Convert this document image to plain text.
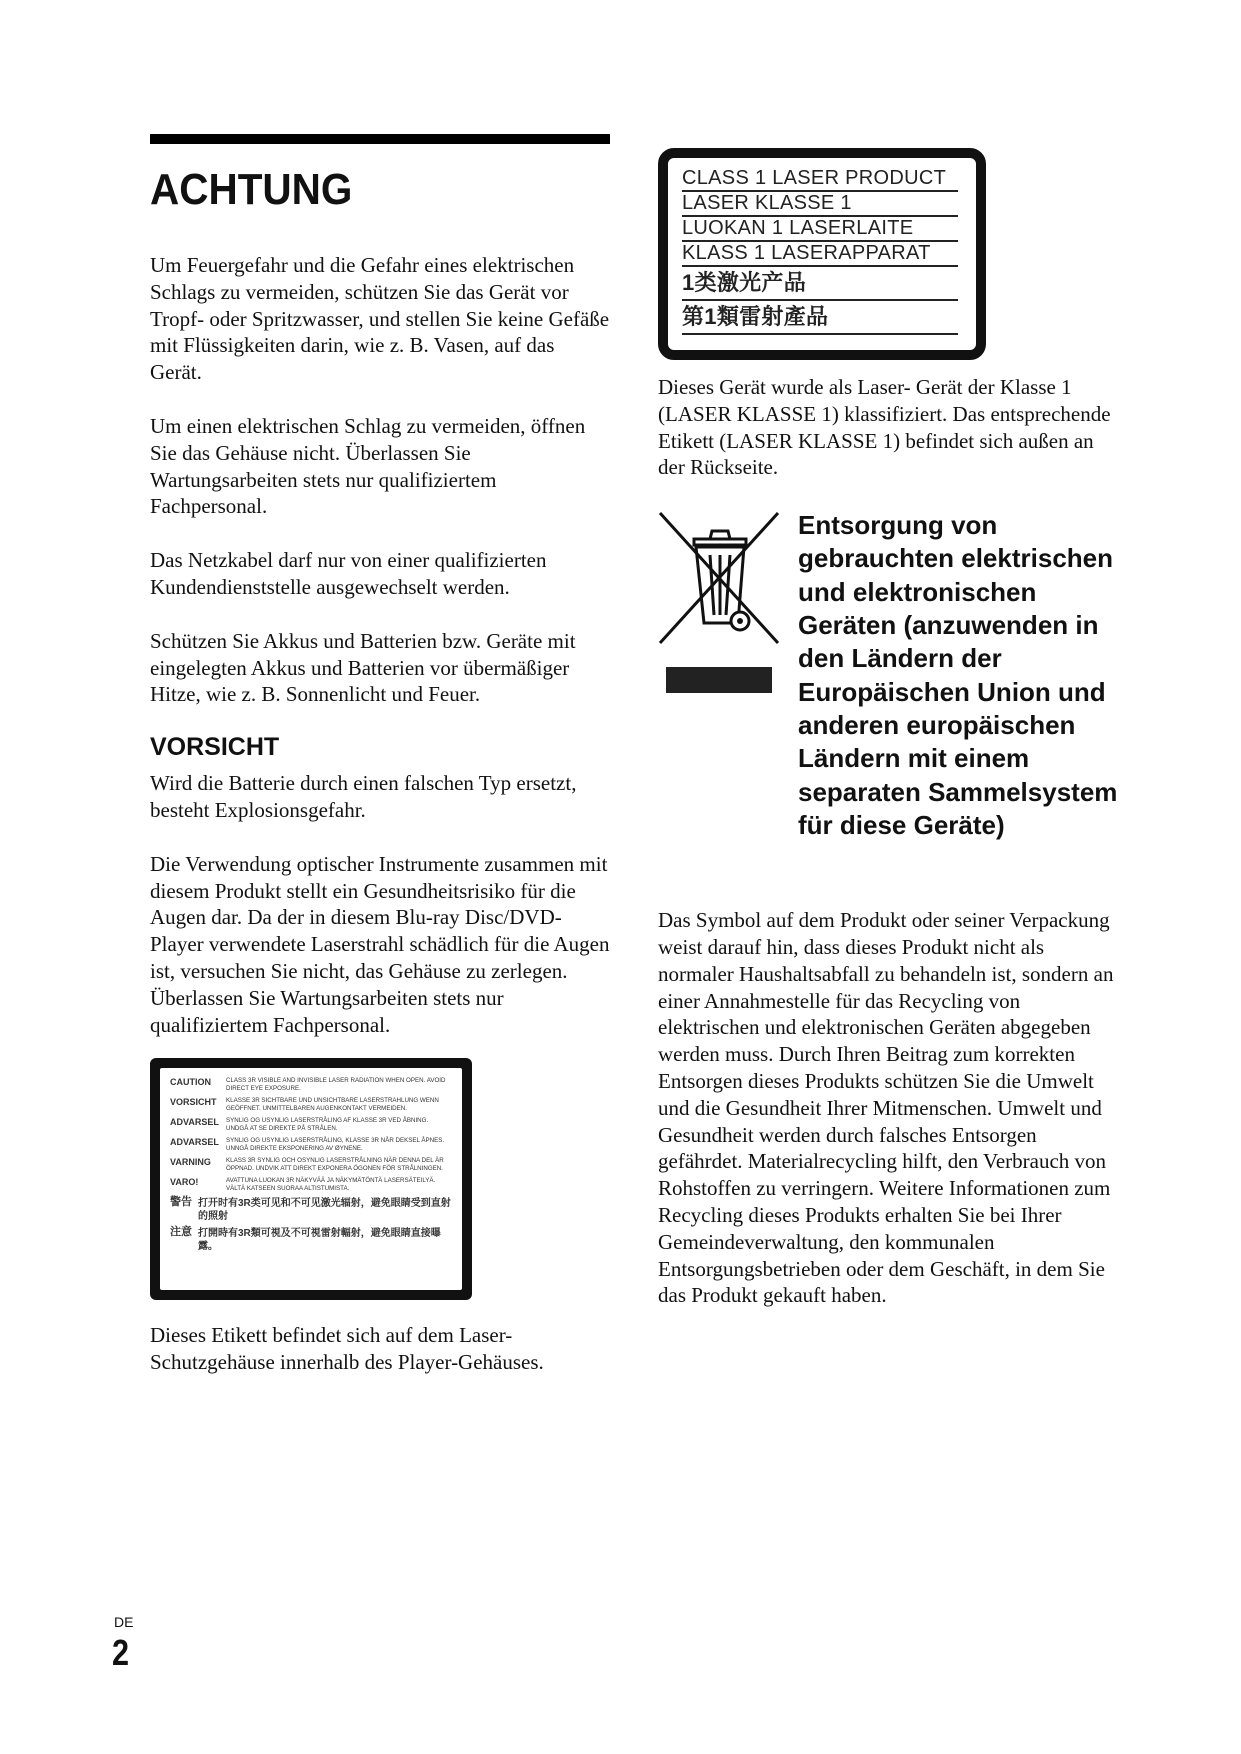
ACHTUNG

Um Feuergefahr und die Gefahr eines elektrischen Schlags zu vermeiden, schützen Sie das Gerät vor Tropf- oder Spritzwasser, und stellen Sie keine Gefäße mit Flüssigkeiten darin, wie z. B. Vasen, auf das Gerät.

Um einen elektrischen Schlag zu vermeiden, öffnen Sie das Gehäuse nicht. Überlassen Sie Wartungsarbeiten stets nur qualifiziertem Fachpersonal.

Das Netzkabel darf nur von einer qualifizierten Kundendienststelle ausgewechselt werden.

Schützen Sie Akkus und Batterien bzw. Geräte mit eingelegten Akkus und Batterien vor übermäßiger Hitze, wie z. B. Sonnenlicht und Feuer.

VORSICHT

Wird die Batterie durch einen falschen Typ ersetzt, besteht Explosionsgefahr.

Die Verwendung optischer Instrumente zusammen mit diesem Produkt stellt ein Gesundheitsrisiko für die Augen dar. Da der in diesem Blu-ray Disc/DVD-Player verwendete Laserstrahl schädlich für die Augen ist, versuchen Sie nicht, das Gehäuse zu zerlegen. Überlassen Sie Wartungsarbeiten stets nur qualifiziertem Fachpersonal.

CAUTION	CLASS 3R VISIBLE AND INVISIBLE LASER RADIATION WHEN OPEN. AVOID DIRECT EYE EXPOSURE.
VORSICHT	KLASSE 3R SICHTBARE UND UNSICHTBARE LASERSTRAHLUNG WENN GEÖFFNET. UNMITTELBAREN AUGENKONTAKT VERMEIDEN.
ADVARSEL	SYNLIG OG USYNLIG LASERSTRÅLING AF KLASSE 3R VED ÅBNING. UNDGÅ AT SE DIREKTE PÅ STRÅLEN.
ADVARSEL	SYNLIG OG USYNLIG LASERSTRÅLING, KLASSE 3R NÅR DEKSEL ÅPNES. UNNGÅ DIREKTE EKSPONERING AV ØYNENE.
VARNING	KLASS 3R SYNLIG OCH OSYNLIG LASERSTRÅLNING NÄR DENNA DEL ÄR ÖPPNAD. UNDVIK ATT DIREKT EXPONERA ÖGONEN FÖR STRÅLNINGEN.
VARO!	AVATTUNA LUOKAN 3R NÄKYVÄÄ JA NÄKYMÄTÖNTÄ LASERSÄTEILYÄ. VÄLTÄ KATSEEN SUORAA ALTISTUMISTA.
警告 打开时有3R类可见和不可见激光辐射，避免眼睛受到直射的照射
注意 打開時有3R類可視及不可視雷射輻射，避免眼睛直接曝露。

Dieses Etikett befindet sich auf dem Laser-Schutzgehäuse innerhalb des Player-Gehäuses.

CLASS 1 LASER PRODUCT
LASER KLASSE 1
LUOKAN 1 LASERLAITE
KLASS 1 LASERAPPARAT
1类激光产品
第1類雷射產品

Dieses Gerät wurde als Laser- Gerät der Klasse 1 (LASER KLASSE 1) klassifiziert. Das entsprechende Etikett (LASER KLASSE 1) befindet sich außen an der Rückseite.

Entsorgung von gebrauchten elektrischen und elektronischen Geräten (anzuwenden in den Ländern der Europäischen Union und anderen europäischen Ländern mit einem separaten Sammelsystem für diese Geräte)

Das Symbol auf dem Produkt oder seiner Verpackung weist darauf hin, dass dieses Produkt nicht als normaler Haushaltsabfall zu behandeln ist, sondern an einer Annahmestelle für das Recycling von elektrischen und elektronischen Geräten abgegeben werden muss. Durch Ihren Beitrag zum korrekten Entsorgen dieses Produkts schützen Sie die Umwelt und die Gesundheit Ihrer Mitmenschen. Umwelt und Gesundheit werden durch falsches Entsorgen gefährdet. Materialrecycling hilft, den Verbrauch von Rohstoffen zu verringern. Weitere Informationen zum Recycling dieses Produkts erhalten Sie bei Ihrer Gemeindeverwaltung, den kommunalen Entsorgungsbetrieben oder dem Geschäft, in dem Sie das Produkt gekauft haben.

DE
2
